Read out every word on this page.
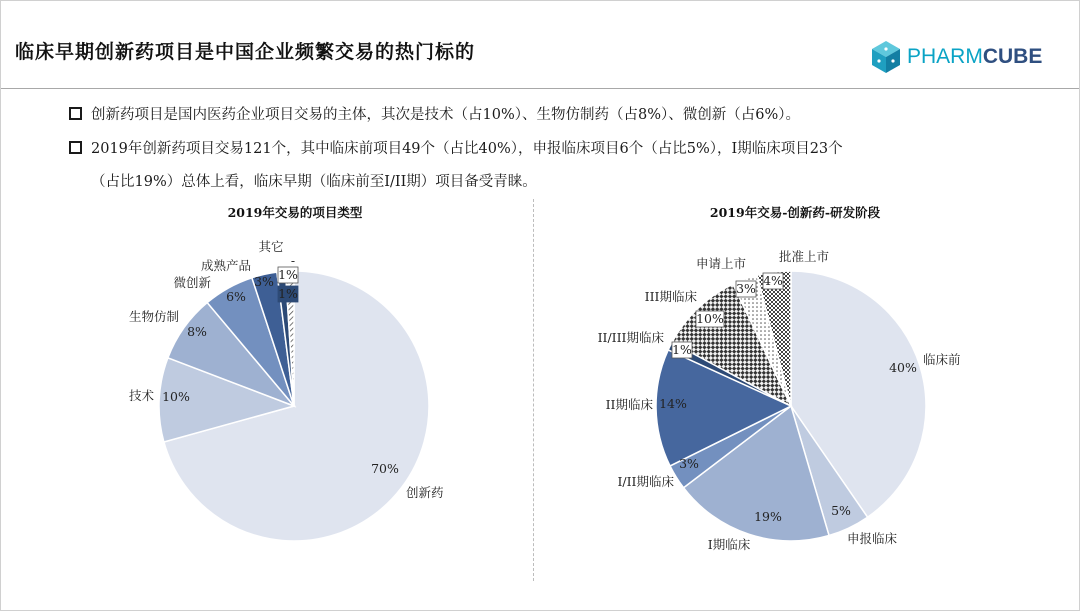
临床早期创新药项目是中国企业频繁交易的热门标的	PHARMCUBE
创新药项目是国内医药企业项目交易的主体，其次是技术（占10%）、生物仿制药（占8%）、微创新（占6%）。
2019年创新药项目交易121个，其中临床前项目49个（占比40%），申报临床项目6个（占比5%），I期临床项目23个
（占比19%）总体上看，临床早期（临床前至I/II期）项目备受青睐。
2019年交易的项目类型	2019年交易-创新药-研发阶段
70%
创新药
10%
技术
8%
生物仿制
6%
微创新	3%
成熟产品
1%
其它
1%
-
40%
临床前
5%
申报临床
19%
I期临床
3%
I/II期临床
14%
II期临床
1%
II/III期临床
10%
III期临床
3%
申请上市
4%
批准上市
